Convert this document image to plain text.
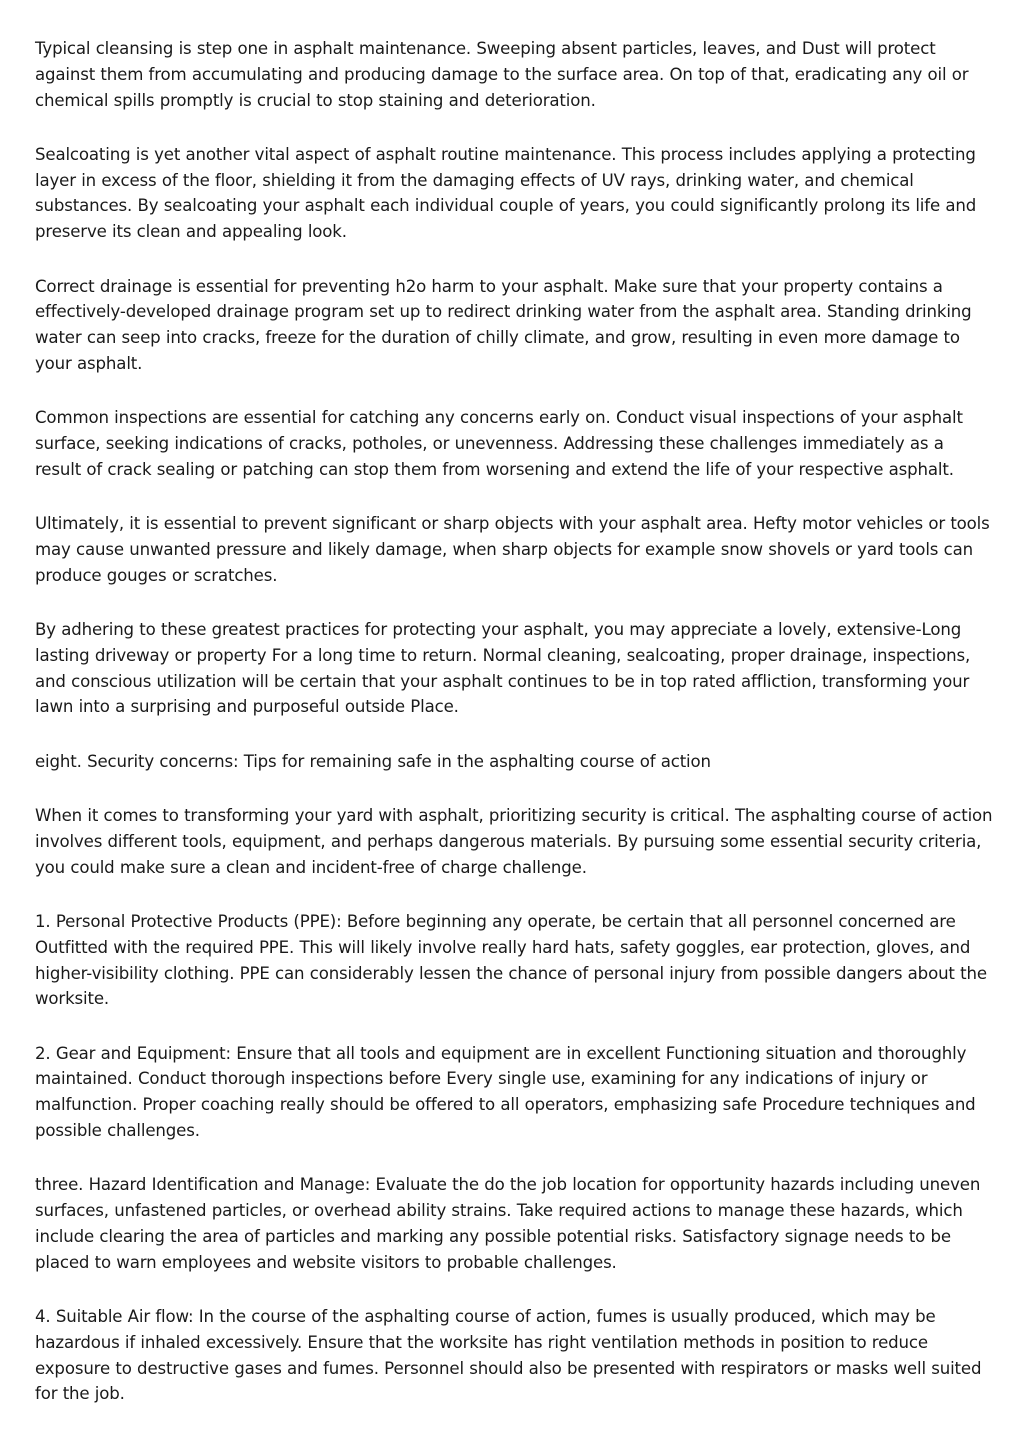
Typical cleansing is step one in asphalt maintenance. Sweeping absent particles, leaves, and Dust will protect against them from accumulating and producing damage to the surface area. On top of that, eradicating any oil or chemical spills promptly is crucial to stop staining and deterioration.

Sealcoating is yet another vital aspect of asphalt routine maintenance. This process includes applying a protecting layer in excess of the floor, shielding it from the damaging effects of UV rays, drinking water, and chemical substances. By sealcoating your asphalt each individual couple of years, you could significantly prolong its life and preserve its clean and appealing look.

Correct drainage is essential for preventing h2o harm to your asphalt. Make sure that your property contains a effectively-developed drainage program set up to redirect drinking water from the asphalt area. Standing drinking water can seep into cracks, freeze for the duration of chilly climate, and grow, resulting in even more damage to your asphalt.

Common inspections are essential for catching any concerns early on. Conduct visual inspections of your asphalt surface, seeking indications of cracks, potholes, or unevenness. Addressing these challenges immediately as a result of crack sealing or patching can stop them from worsening and extend the life of your respective asphalt.

Ultimately, it is essential to prevent significant or sharp objects with your asphalt area. Hefty motor vehicles or tools may cause unwanted pressure and likely damage, when sharp objects for example snow shovels or yard tools can produce gouges or scratches.

By adhering to these greatest practices for protecting your asphalt, you may appreciate a lovely, extensive-Long lasting driveway or property For a long time to return. Normal cleaning, sealcoating, proper drainage, inspections, and conscious utilization will be certain that your asphalt continues to be in top rated affliction, transforming your lawn into a surprising and purposeful outside Place.

eight. Security concerns: Tips for remaining safe in the asphalting course of action

When it comes to transforming your yard with asphalt, prioritizing security is critical. The asphalting course of action involves different tools, equipment, and perhaps dangerous materials. By pursuing some essential security criteria, you could make sure a clean and incident-free of charge challenge.

1. Personal Protective Products (PPE): Before beginning any operate, be certain that all personnel concerned are Outfitted with the required PPE. This will likely involve really hard hats, safety goggles, ear protection, gloves, and higher-visibility clothing. PPE can considerably lessen the chance of personal injury from possible dangers about the worksite.

2. Gear and Equipment: Ensure that all tools and equipment are in excellent Functioning situation and thoroughly maintained. Conduct thorough inspections before Every single use, examining for any indications of injury or malfunction. Proper coaching really should be offered to all operators, emphasizing safe Procedure techniques and possible challenges.

three. Hazard Identification and Manage: Evaluate the do the job location for opportunity hazards including uneven surfaces, unfastened particles, or overhead ability strains. Take required actions to manage these hazards, which include clearing the area of particles and marking any possible potential risks. Satisfactory signage needs to be placed to warn employees and website visitors to probable challenges.

4. Suitable Air flow: In the course of the asphalting course of action, fumes is usually produced, which may be hazardous if inhaled excessively. Ensure that the worksite has right ventilation methods in position to reduce exposure to destructive gases and fumes. Personnel should also be presented with respirators or masks well suited for the job.
